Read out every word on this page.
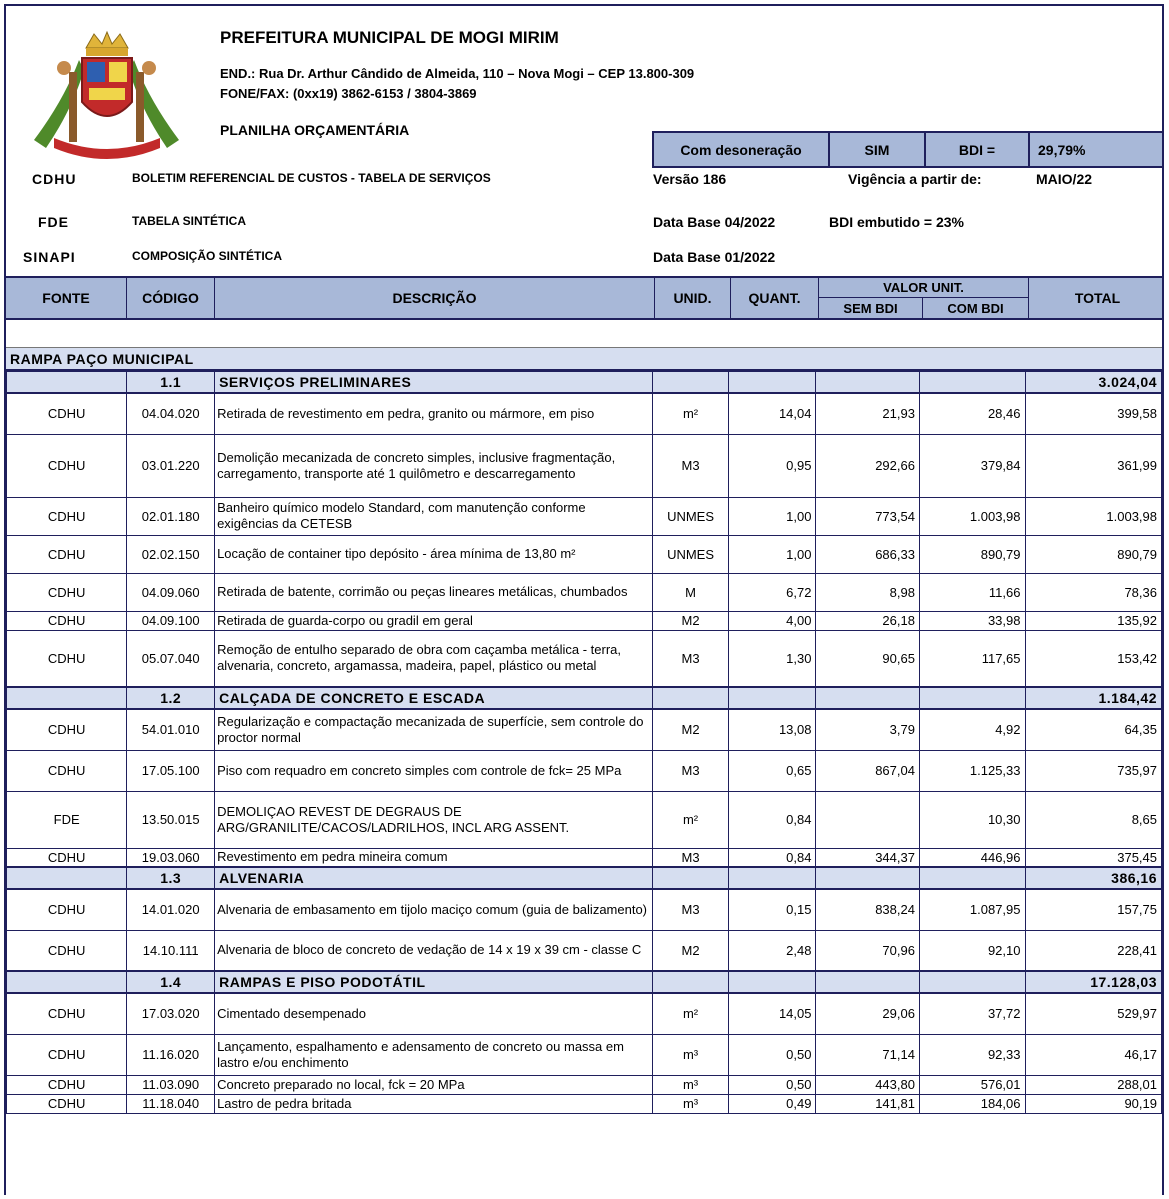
PREFEITURA MUNICIPAL DE MOGI MIRIM
END.: Rua Dr. Arthur Cândido de Almeida, 110 – Nova Mogi – CEP 13.800-309
FONE/FAX: (0xx19) 3862-6153 / 3804-3869
PLANILHA ORÇAMENTÁRIA
Com desoneração	SIM	BDI =	29,79%
CDHU	BOLETIM REFERENCIAL DE CUSTOS - TABELA DE SERVIÇOS	Versão 186	Vigência a partir de:	MAIO/22
FDE	TABELA SINTÉTICA	Data Base 04/2022	BDI embutido = 23%
SINAPI	COMPOSIÇÃO SINTÉTICA	Data Base 01/2022
FONTE	CÓDIGO	DESCRIÇÃO	UNID.	QUANT.
VALOR UNIT.
SEM BDI	COM BDI
TOTAL
RAMPA PAÇO MUNICIPAL
	1.1	SERVIÇOS PRELIMINARES					3.024,04
CDHU	04.04.020	Retirada de revestimento em pedra, granito ou mármore, em piso	m²	14,04	21,93	28,46	399,58
CDHU	03.01.220	Demolição mecanizada de concreto simples, inclusive fragmentação, carregamento, transporte até 1 quilômetro e descarregamento	M3	0,95	292,66	379,84	361,99
CDHU	02.01.180	Banheiro químico modelo Standard, com manutenção conforme exigências da CETESB	UNMES	1,00	773,54	1.003,98	1.003,98
CDHU	02.02.150	Locação de container tipo depósito - área mínima de 13,80 m²	UNMES	1,00	686,33	890,79	890,79
CDHU	04.09.060	Retirada de batente, corrimão ou peças lineares metálicas, chumbados	M	6,72	8,98	11,66	78,36
CDHU	04.09.100	Retirada de guarda-corpo ou gradil em geral	M2	4,00	26,18	33,98	135,92
CDHU	05.07.040	Remoção de entulho separado de obra com caçamba metálica - terra, alvenaria, concreto, argamassa, madeira, papel, plástico ou metal	M3	1,30	90,65	117,65	153,42
	1.2	CALÇADA DE CONCRETO E ESCADA					1.184,42
CDHU	54.01.010	Regularização e compactação mecanizada de superfície, sem controle do proctor normal	M2	13,08	3,79	4,92	64,35
CDHU	17.05.100	Piso com requadro em concreto simples com controle de fck= 25 MPa	M3	0,65	867,04	1.125,33	735,97
FDE	13.50.015	DEMOLIÇAO REVEST DE DEGRAUS DE ARG/GRANILITE/CACOS/LADRILHOS, INCL ARG ASSENT.	m²	0,84		10,30	8,65
CDHU	19.03.060	Revestimento em pedra mineira comum	M3	0,84	344,37	446,96	375,45
	1.3	ALVENARIA					386,16
CDHU	14.01.020	Alvenaria de embasamento em tijolo maciço comum (guia de balizamento)	M3	0,15	838,24	1.087,95	157,75
CDHU	14.10.111	Alvenaria de bloco de concreto de vedação de 14 x 19 x 39 cm - classe C	M2	2,48	70,96	92,10	228,41
	1.4	RAMPAS E PISO PODOTÁTIL					17.128,03
CDHU	17.03.020	Cimentado desempenado	m²	14,05	29,06	37,72	529,97
CDHU	11.16.020	Lançamento, espalhamento e adensamento de concreto ou massa em lastro e/ou enchimento	m³	0,50	71,14	92,33	46,17
CDHU	11.03.090	Concreto preparado no local, fck = 20 MPa	m³	0,50	443,80	576,01	288,01
CDHU	11.18.040	Lastro de pedra britada	m³	0,49	141,81	184,06	90,19
